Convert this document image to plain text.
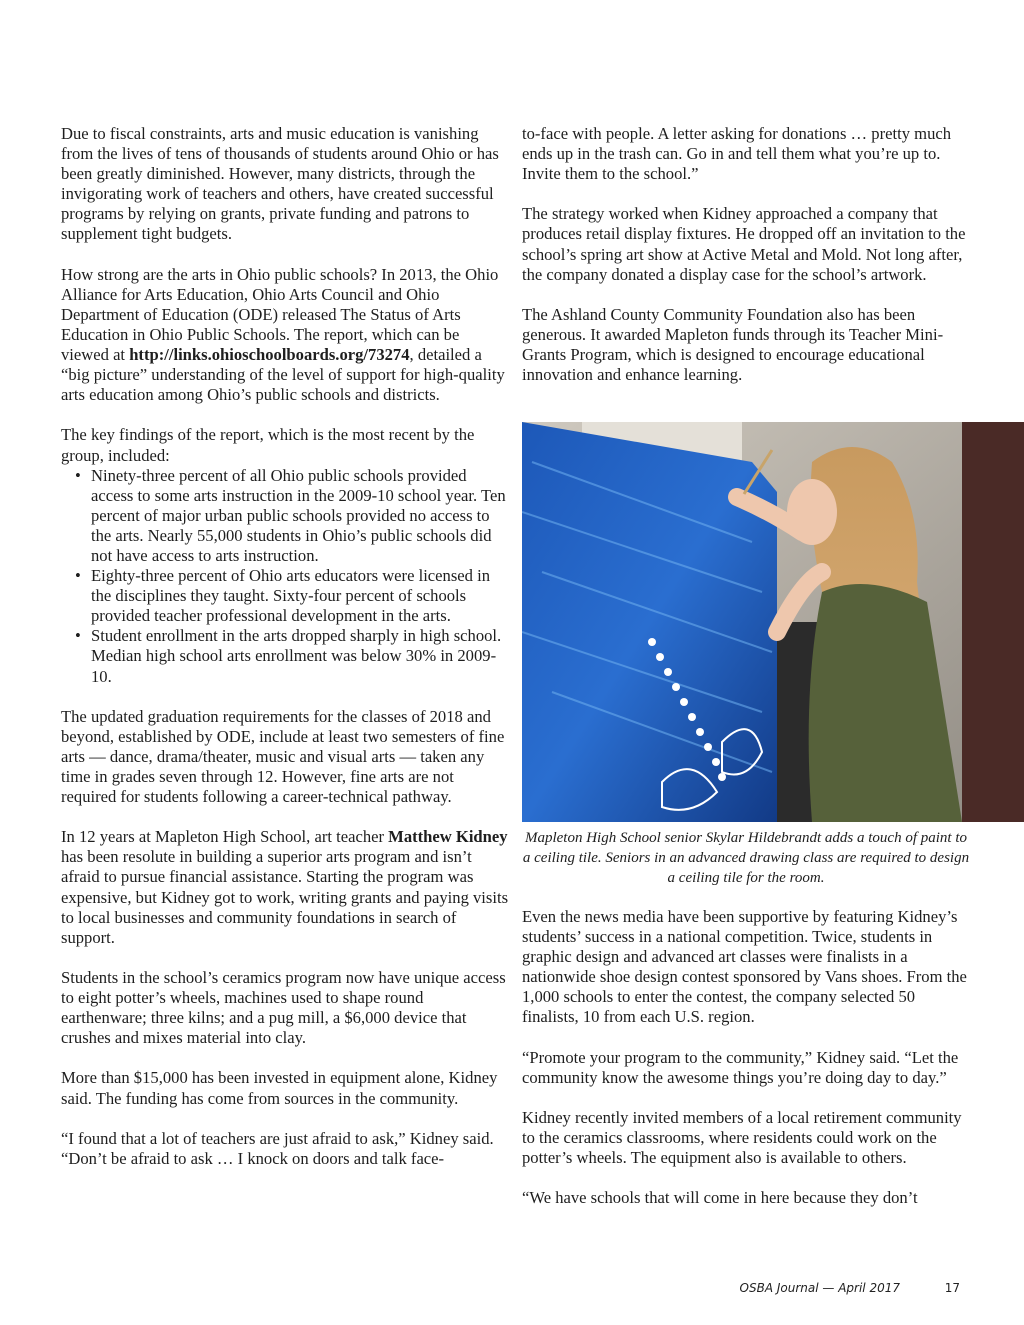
Due to fiscal constraints, arts and music education is vanishing from the lives of tens of thousands of students around Ohio or has been greatly diminished. However, many districts, through the invigorating work of teachers and others, have created successful programs by relying on grants, private funding and patrons to supplement tight budgets.

How strong are the arts in Ohio public schools? In 2013, the Ohio Alliance for Arts Education, Ohio Arts Council and Ohio Department of Education (ODE) released The Status of Arts Education in Ohio Public Schools. The report, which can be viewed at http://links.ohioschoolboards.org/73274, detailed a “big picture” understanding of the level of support for high-quality arts education among Ohio’s public schools and districts.

The key findings of the report, which is the most recent by the group, included:

• Ninety-three percent of all Ohio public schools provided access to some arts instruction in the 2009-10 school year. Ten percent of major urban public schools provided no access to the arts. Nearly 55,000 students in Ohio’s public schools did not have access to arts instruction.
• Eighty-three percent of Ohio arts educators were licensed in the disciplines they taught. Sixty-four percent of schools provided teacher professional development in the arts.
• Student enrollment in the arts dropped sharply in high school. Median high school arts enrollment was below 30% in 2009-10.

The updated graduation requirements for the classes of 2018 and beyond, established by ODE, include at least two semesters of fine arts — dance, drama/theater, music and visual arts — taken any time in grades seven through 12. However, fine arts are not required for students following a career-technical pathway.

In 12 years at Mapleton High School, art teacher Matthew Kidney has been resolute in building a superior arts program and isn’t afraid to pursue financial assistance. Starting the program was expensive, but Kidney got to work, writing grants and paying visits to local businesses and community foundations in search of support.

Students in the school’s ceramics program now have unique access to eight potter’s wheels, machines used to shape round earthenware; three kilns; and a pug mill, a $6,000 device that crushes and mixes material into clay.

More than $15,000 has been invested in equipment alone, Kidney said. The funding has come from sources in the community.

“I found that a lot of teachers are just afraid to ask,” Kidney said. “Don’t be afraid to ask … I knock on doors and talk face-

to-face with people. A letter asking for donations … pretty much ends up in the trash can. Go in and tell them what you’re up to. Invite them to the school.”

The strategy worked when Kidney approached a company that produces retail display fixtures. He dropped off an invitation to the school’s spring art show at Active Metal and Mold. Not long after, the company donated a display case for the school’s artwork.

The Ashland County Community Foundation also has been generous. It awarded Mapleton funds through its Teacher Mini-Grants Program, which is designed to encourage educational innovation and enhance learning.

Mapleton High School senior Skylar Hildebrandt adds a touch of paint to a ceiling tile. Seniors in an advanced drawing class are required to design a ceiling tile for the room.

Even the news media have been supportive by featuring Kidney’s students’ success in a national competition. Twice, students in graphic design and advanced art classes were finalists in a nationwide shoe design contest sponsored by Vans shoes. From the 1,000 schools to enter the contest, the company selected 50 finalists, 10 from each U.S. region.

“Promote your program to the community,” Kidney said. “Let the community know the awesome things you’re doing day to day.”

Kidney recently invited members of a local retirement community to the ceramics classrooms, where residents could work on the potter’s wheels. The equipment also is available to others.

“We have schools that will come in here because they don’t

OSBA Journal — April 2017	17
